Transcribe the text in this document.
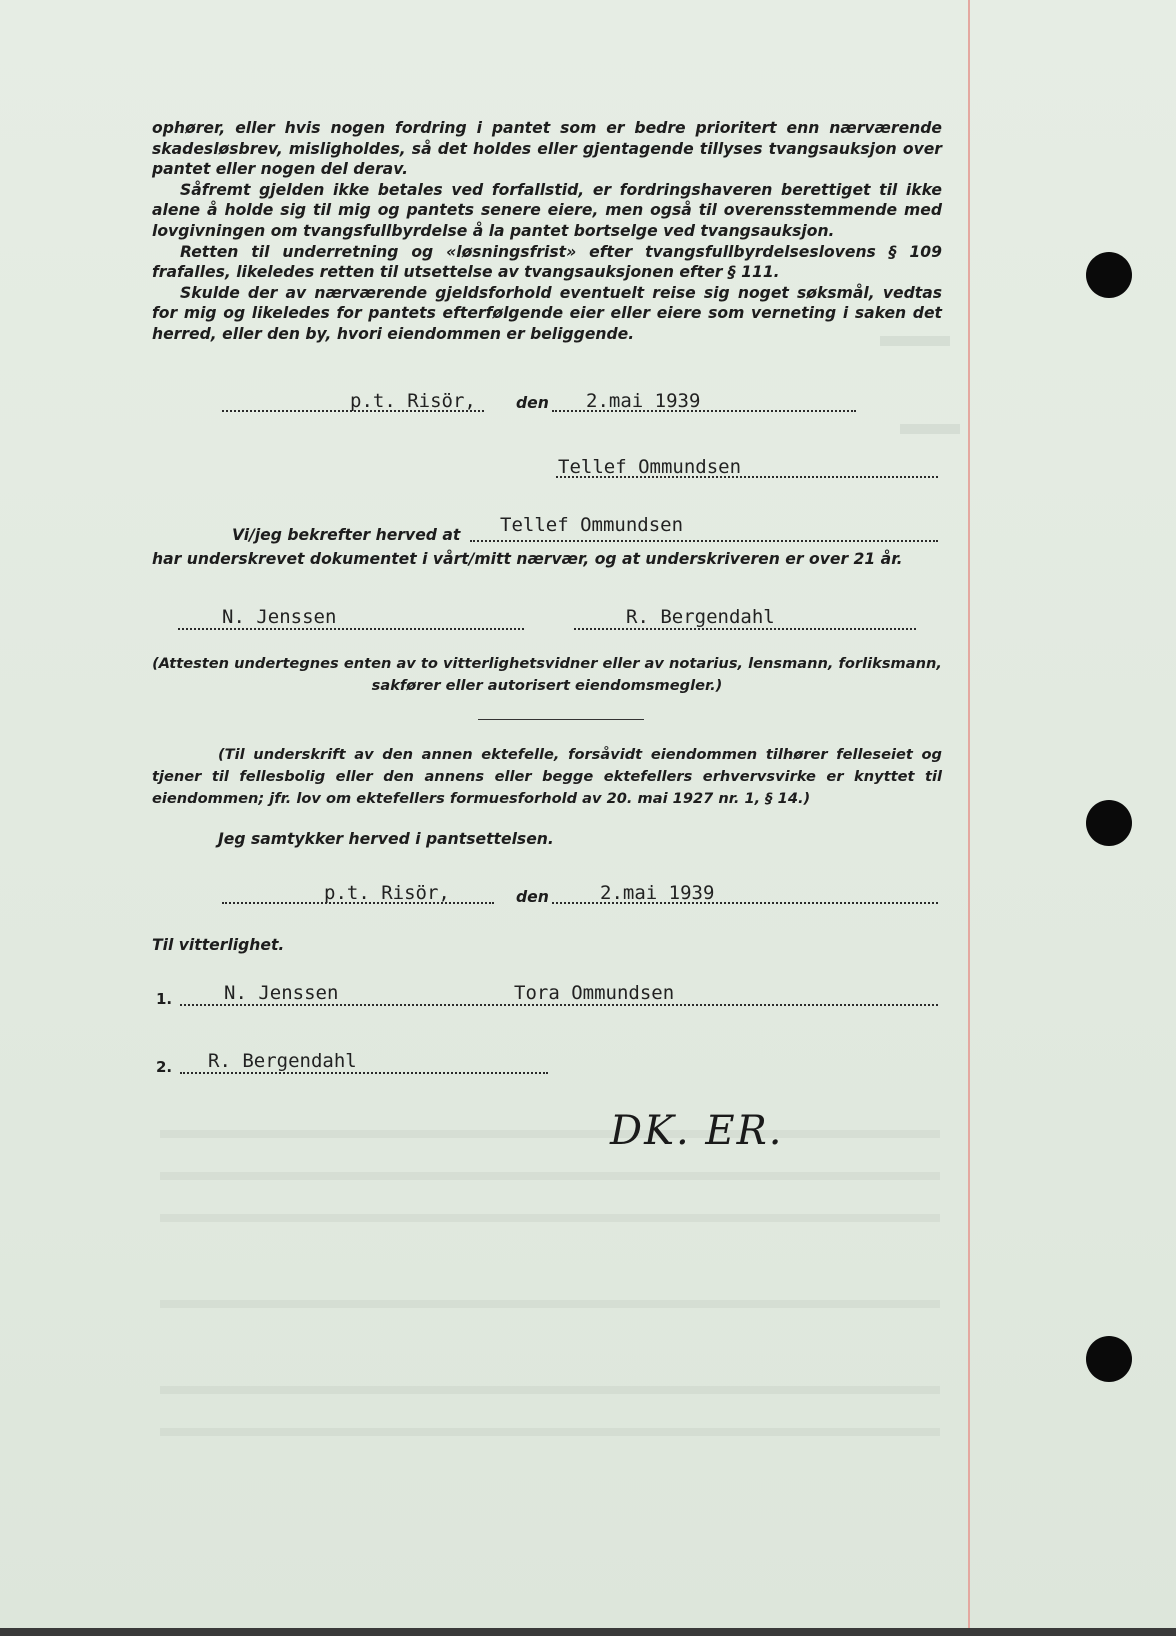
ophører, eller hvis nogen fordring i pantet som er bedre prioritert enn nærværende skadesløsbrev, misligholdes, så det holdes eller gjentagende tillyses tvangsauksjon over pantet eller nogen del derav.

Såfremt gjelden ikke betales ved forfallstid, er fordringshaveren berettiget til ikke alene å holde sig til mig og pantets senere eiere, men også til overensstemmende med lovgivningen om tvangsfullbyrdelse å la pantet bortselge ved tvangsauksjon.

Retten til underretning og «løsningsfrist» efter tvangsfullbyrdelseslovens § 109 frafalles, likeledes retten til utsettelse av tvangsauksjonen efter § 111.

Skulde der av nærværende gjeldsforhold eventuelt reise sig noget søksmål, vedtas for mig og likeledes for pantets efterfølgende eier eller eiere som verneting i saken det herred, eller den by, hvori eiendommen er beliggende.

p.t. Risör,	den 2.mai 1939
Tellef Ommundsen
Vi/jeg bekrefter herved at Tellef Ommundsen
har underskrevet dokumentet i vårt/mitt nærvær, og at underskriveren er over 21 år.
N. Jenssen	R. Bergendahl

(Attesten undertegnes enten av to vitterlighetsvidner eller av notarius, lensmann, forliksmann,

sakfører eller autorisert eiendomsmegler.)

(Til underskrift av den annen ektefelle, forsåvidt eiendommen tilhører felleseiet og tjener til fellesbolig eller den annens eller begge ektefellers erhvervsvirke er knyttet til eiendommen; jfr. lov om ektefellers formuesforhold av 20. mai 1927 nr. 1, § 14.)

Jeg samtykker herved i pantsettelsen.
p.t. Risör,	den	2.mai 1939
Til vitterlighet.
1.	N. Jenssen	Tora Ommundsen
2. R. Bergendahl
DK. ER.
